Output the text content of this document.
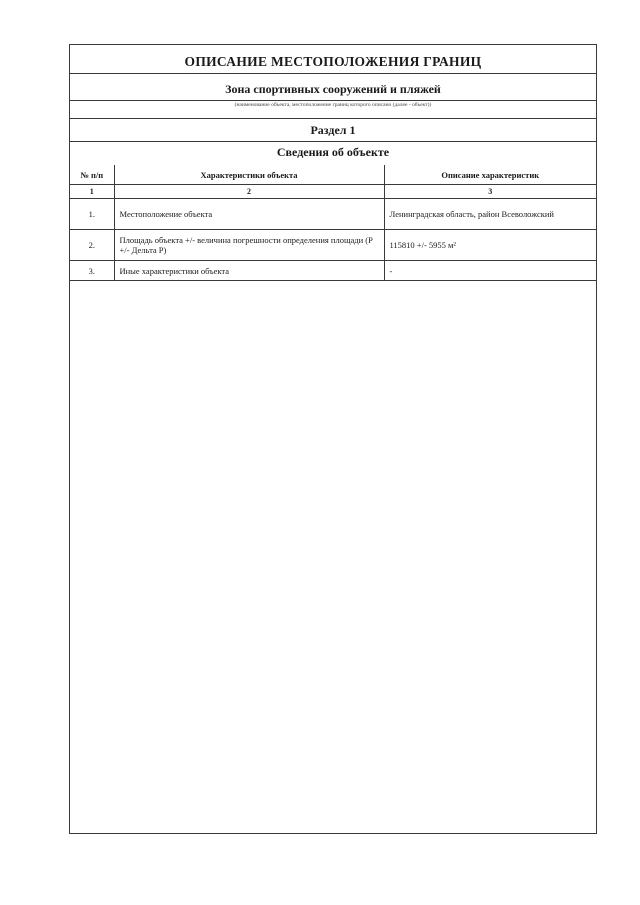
ОПИСАНИЕ МЕСТОПОЛОЖЕНИЯ ГРАНИЦ
Зона спортивных сооружений и пляжей
(наименование объекта, местоположение границ которого описано (далее - объект))
Раздел 1
Сведения об объекте
№ п/п	Характеристики объекта	Описание характеристик
1	2	3
1.	Местоположение объекта	Ленинградская область, район Всеволожский
2.	Площадь объекта +/- величина погрешности определения площади (P +/- Дельта P)	115810 +/- 5955 м²
3.	Иные характеристики объекта	-
